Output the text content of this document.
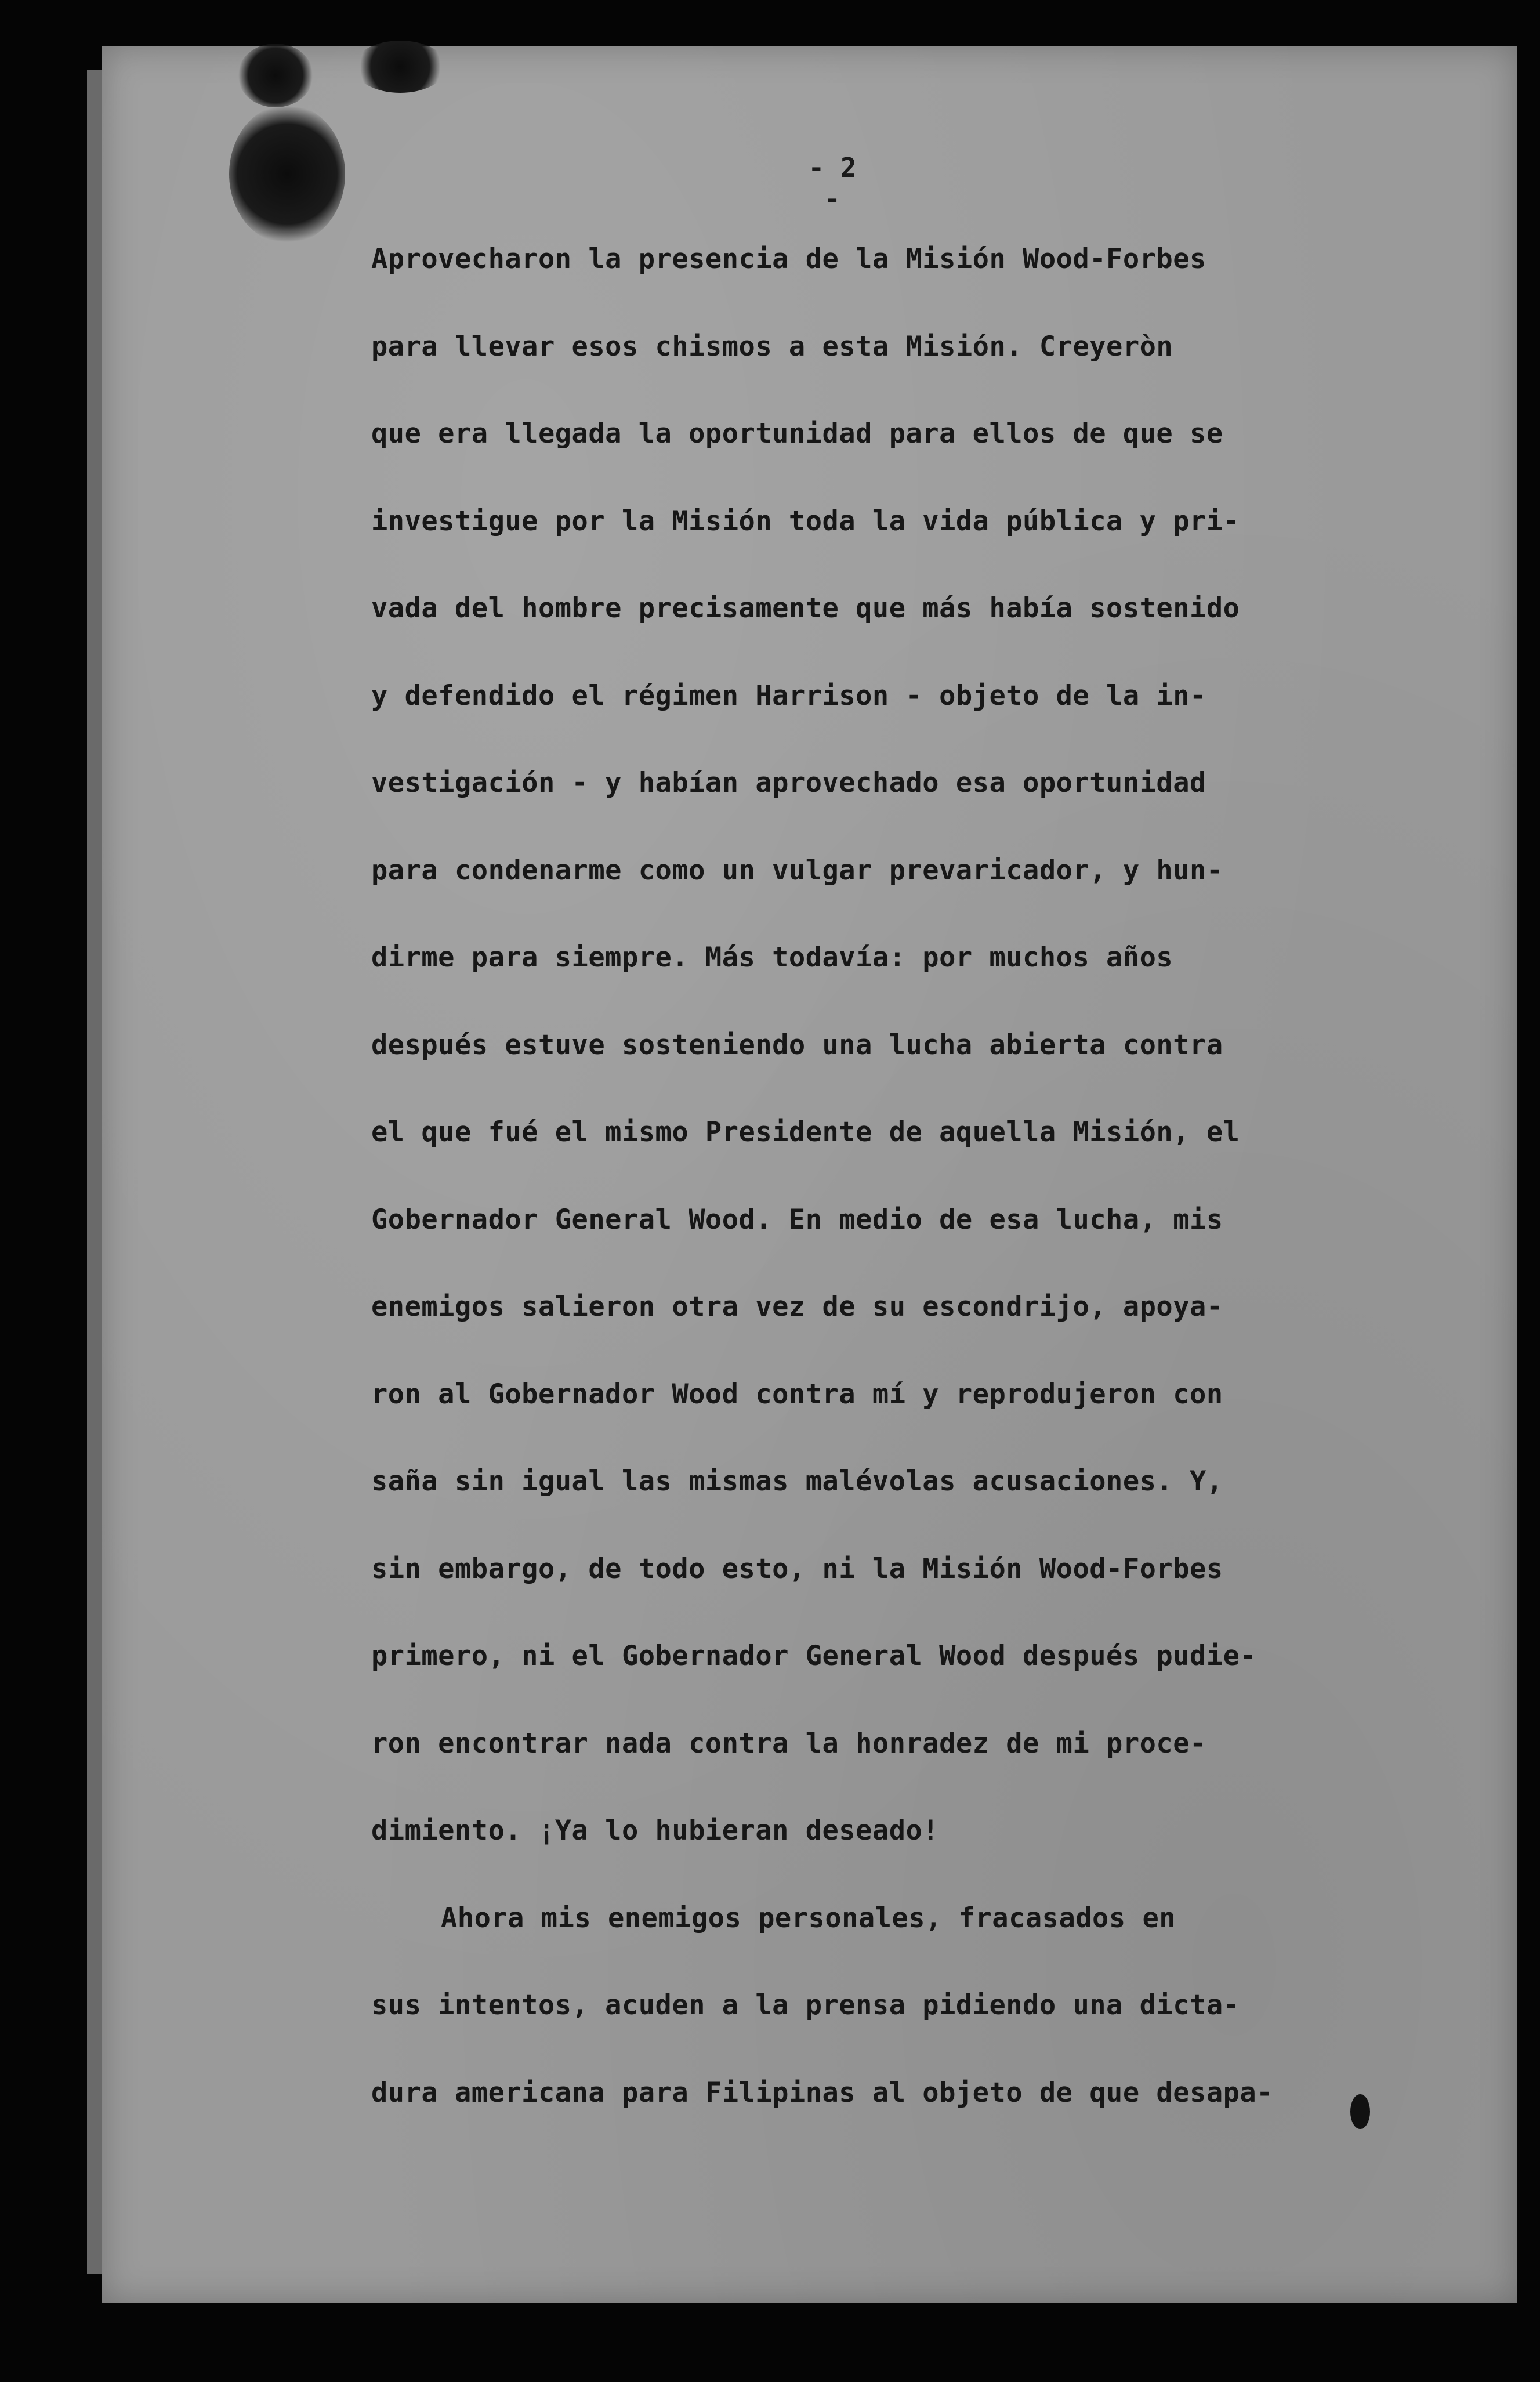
- 2 -
Aprovecharon la presencia de la Misión Wood-Forbes
para llevar esos chismos a esta Misión. Creyeròn
que era llegada la oportunidad para ellos de que se
investigue por la Misión toda la vida pública y pri-
vada del hombre precisamente que más había sostenido
y defendido el régimen Harrison - objeto de la in-
vestigación - y habían aprovechado esa oportunidad
para condenarme como un vulgar prevaricador, y hun-
dirme para siempre. Más todavía: por muchos años
después estuve sosteniendo una lucha abierta contra
el que fué el mismo Presidente de aquella Misión, el
Gobernador General Wood. En medio de esa lucha, mis
enemigos salieron otra vez de su escondrijo, apoya-
ron al Gobernador Wood contra mí y reprodujeron con
saña sin igual las mismas malévolas acusaciones. Y,
sin embargo, de todo esto, ni la Misión Wood-Forbes
primero, ni el Gobernador General Wood después pudie-
ron encontrar nada contra la honradez de mi proce-
dimiento. ¡Ya lo hubieran deseado!
Ahora mis enemigos personales, fracasados en
sus intentos, acuden a la prensa pidiendo una dicta-
dura americana para Filipinas al objeto de que desapa-
